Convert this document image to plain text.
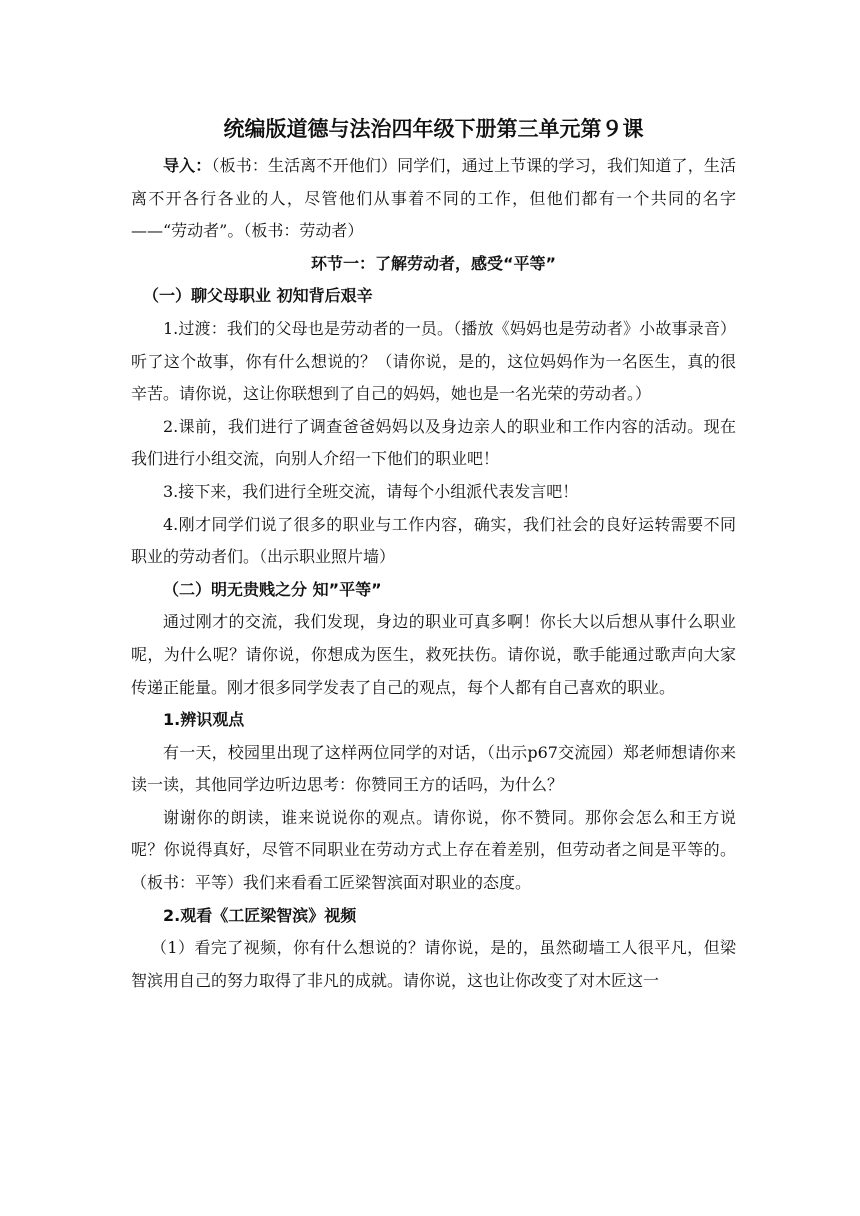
统编版道德与法治四年级下册第三单元第９课

导入：（板书：生活离不开他们）同学们，通过上节课的学习，我们知道了，生活离不开各行各业的人，尽管他们从事着不同的工作，但他们都有一个共同的名字——“劳动者”。（板书：劳动者）

环节一：了解劳动者，感受“平等”

（一）聊父母职业 初知背后艰辛

1.过渡：我们的父母也是劳动者的一员。（播放《妈妈也是劳动者》小故事录音）听了这个故事，你有什么想说的？（请你说，是的，这位妈妈作为一名医生，真的很辛苦。请你说，这让你联想到了自己的妈妈，她也是一名光荣的劳动者。）

2.课前，我们进行了调查爸爸妈妈以及身边亲人的职业和工作内容的活动。现在我们进行小组交流，向别人介绍一下他们的职业吧！

3.接下来，我们进行全班交流，请每个小组派代表发言吧！

4.刚才同学们说了很多的职业与工作内容，确实，我们社会的良好运转需要不同职业的劳动者们。（出示职业照片墙）

（二）明无贵贱之分 知”平等”

通过刚才的交流，我们发现，身边的职业可真多啊！你长大以后想从事什么职业呢，为什么呢？请你说，你想成为医生，救死扶伤。请你说，歌手能通过歌声向大家传递正能量。刚才很多同学发表了自己的观点，每个人都有自己喜欢的职业。

1.辨识观点

有一天，校园里出现了这样两位同学的对话，（出示p67交流园）郑老师想请你来读一读，其他同学边听边思考：你赞同王方的话吗，为什么？

谢谢你的朗读，谁来说说你的观点。请你说，你不赞同。那你会怎么和王方说呢？你说得真好，尽管不同职业在劳动方式上存在着差别，但劳动者之间是平等的。（板书：平等）我们来看看工匠梁智滨面对职业的态度。

2.观看《工匠梁智滨》视频

（1）看完了视频，你有什么想说的？请你说，是的，虽然砌墙工人很平凡，但梁智滨用自己的努力取得了非凡的成就。请你说，这也让你改变了对木匠这一
